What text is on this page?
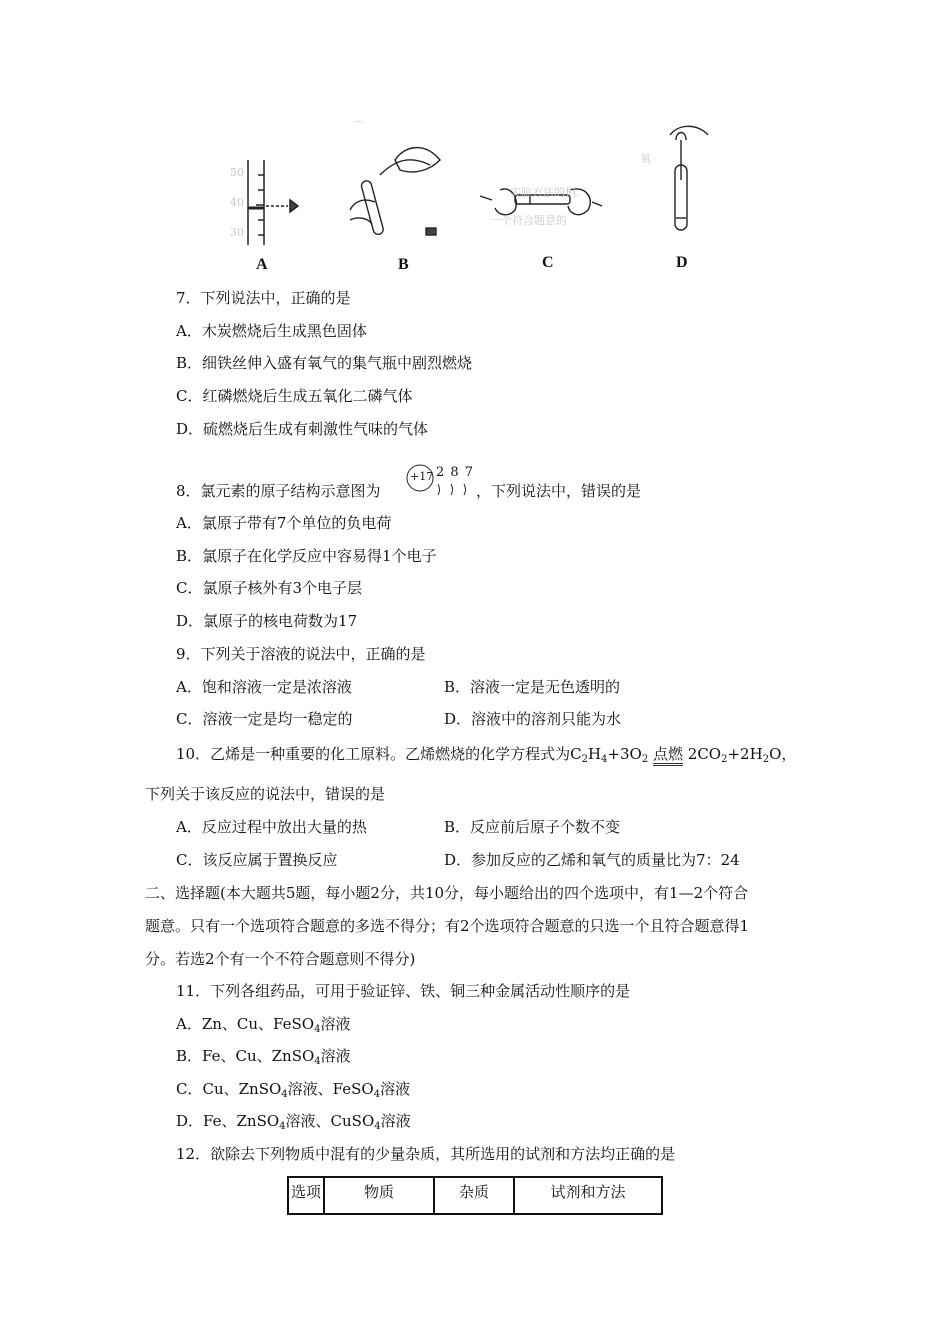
A	B	C	D
50
40
30
一·
氧
实验方法的相.
一个符合题意的
7．下列说法中，正确的是
A．木炭燃烧后生成黑色固体
B．细铁丝伸入盛有氧气的集气瓶中剧烈燃烧
C．红磷燃烧后生成五氧化二磷气体
D．硫燃烧后生成有刺激性气味的气体
8．氯元素的原子结构示意图为
+17 2 8 7
，下列说法中，错误的是
A．氯原子带有7个单位的负电荷
B．氯原子在化学反应中容易得1个电子
C．氯原子核外有3个电子层
D．氯原子的核电荷数为17
9．下列关于溶液的说法中，正确的是
A．饱和溶液一定是浓溶液	B．溶液一定是无色透明的
C．溶液一定是均一稳定的	D．溶液中的溶剂只能为水
10．乙烯是一种重要的化工原料。乙烯燃烧的化学方程式为$C_2H_4+3O_2$ 点燃 $2CO_2+2H_2O$，
下列关于该反应的说法中，错误的是
A．反应过程中放出大量的热	B．反应前后原子个数不变
C．该反应属于置换反应	D．参加反应的乙烯和氧气的质量比为7：24
二、选择题(本大题共5题，每小题2分，共10分，每小题给出的四个选项中，有1—2个符合
题意。只有一个选项符合题意的多选不得分；有2个选项符合题意的只选一个且符合题意得1
分。若选2个有一个不符合题意则不得分)
11．下列各组药品，可用于验证锌、铁、铜三种金属活动性顺序的是
A．Zn、Cu、FeSO$_4$溶液
B．Fe、Cu、ZnSO$_4$溶液
C．Cu、ZnSO$_4$溶液、FeSO$_4$溶液
D．Fe、ZnSO$_4$溶液、CuSO$_4$溶液
12．欲除去下列物质中混有的少量杂质，其所选用的试剂和方法均正确的是
选项	物质	杂质	试剂和方法
